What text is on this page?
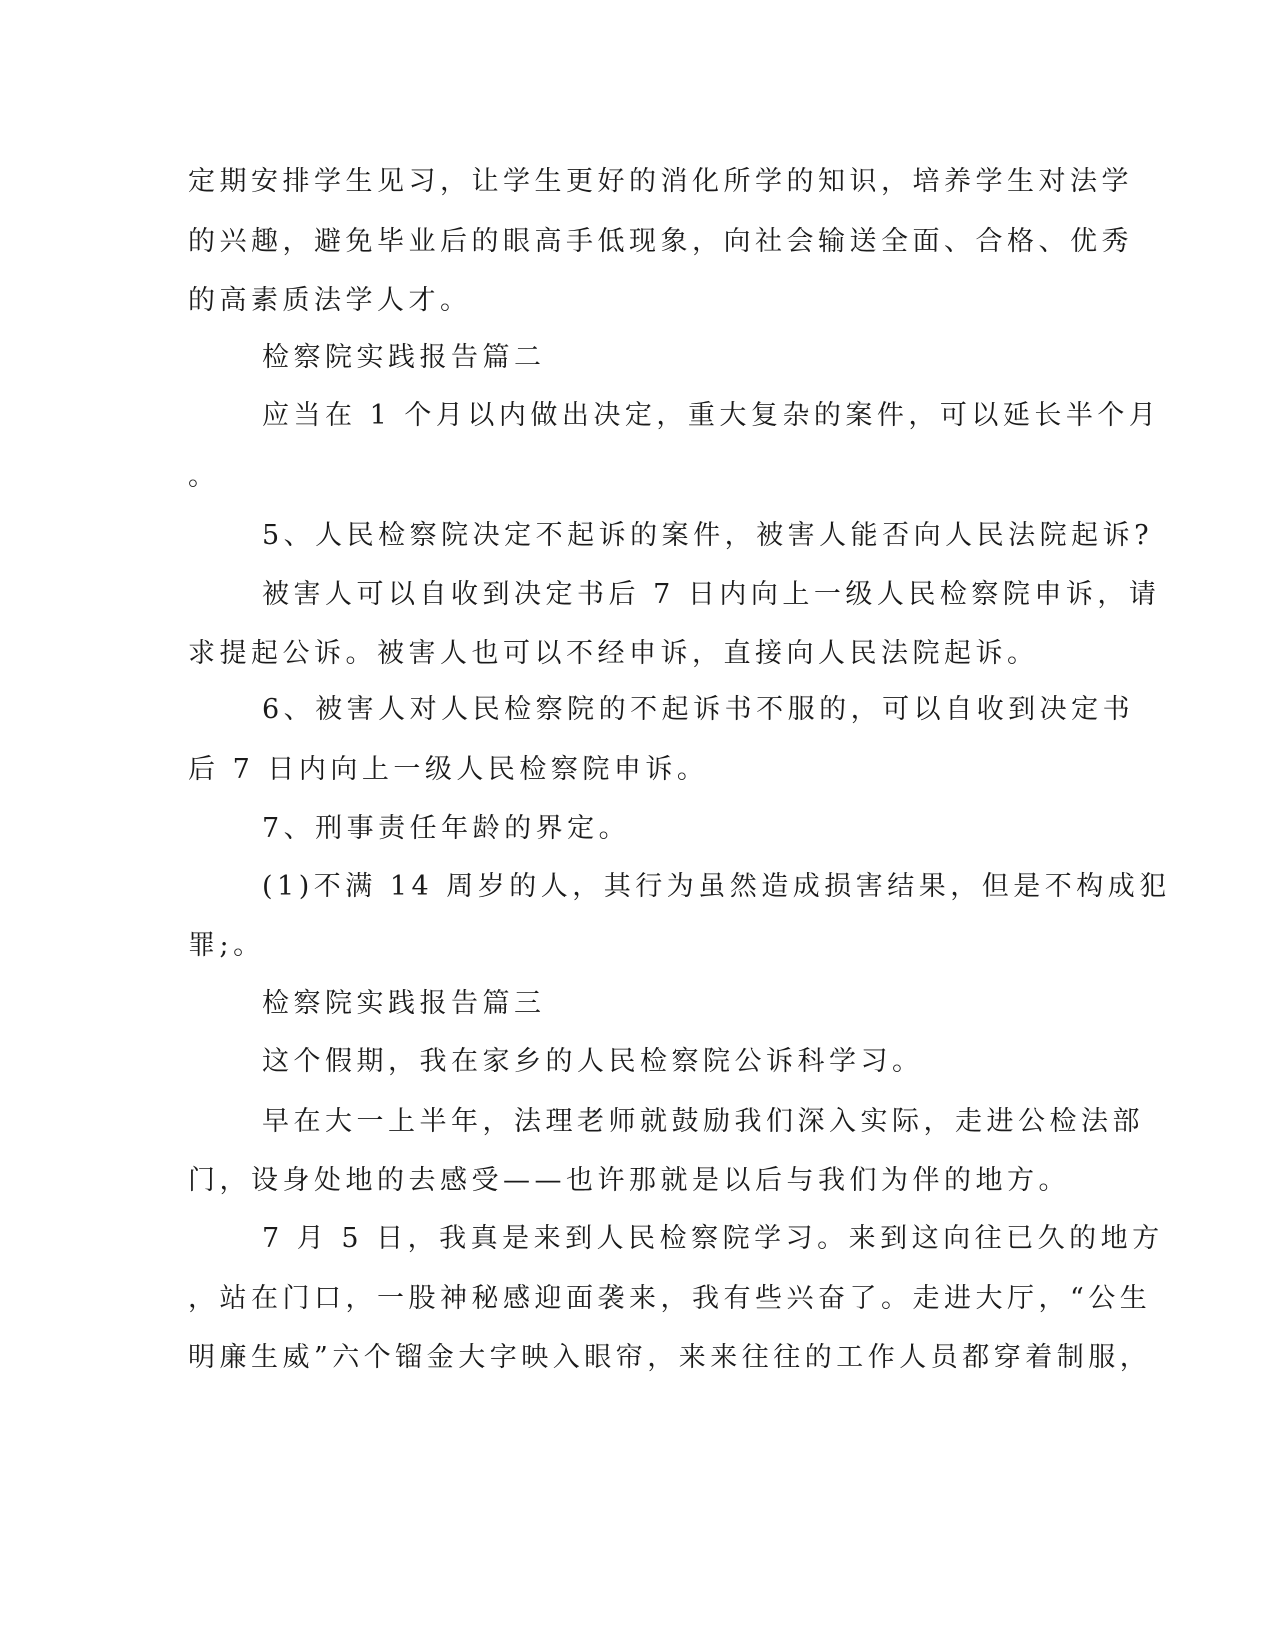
定期安排学生见习，让学生更好的消化所学的知识，培养学生对法学
的兴趣，避免毕业后的眼高手低现象，向社会输送全面、合格、优秀
的高素质法学人才。
检察院实践报告篇二
应当在 1 个月以内做出决定，重大复杂的案件，可以延长半个月
。
5、人民检察院决定不起诉的案件，被害人能否向人民法院起诉?
被害人可以自收到决定书后 7 日内向上一级人民检察院申诉，请
求提起公诉。被害人也可以不经申诉，直接向人民法院起诉。
6、被害人对人民检察院的不起诉书不服的，可以自收到决定书
后 7 日内向上一级人民检察院申诉。
7、刑事责任年龄的界定。
(1)不满 14 周岁的人，其行为虽然造成损害结果，但是不构成犯
罪;。
检察院实践报告篇三
这个假期，我在家乡的人民检察院公诉科学习。
早在大一上半年，法理老师就鼓励我们深入实际，走进公检法部
门，设身处地的去感受——也许那就是以后与我们为伴的地方。
7 月 5 日，我真是来到人民检察院学习。来到这向往已久的地方
，站在门口，一股神秘感迎面袭来，我有些兴奋了。走进大厅，“公生
明廉生威”六个镏金大字映入眼帘，来来往往的工作人员都穿着制服，
